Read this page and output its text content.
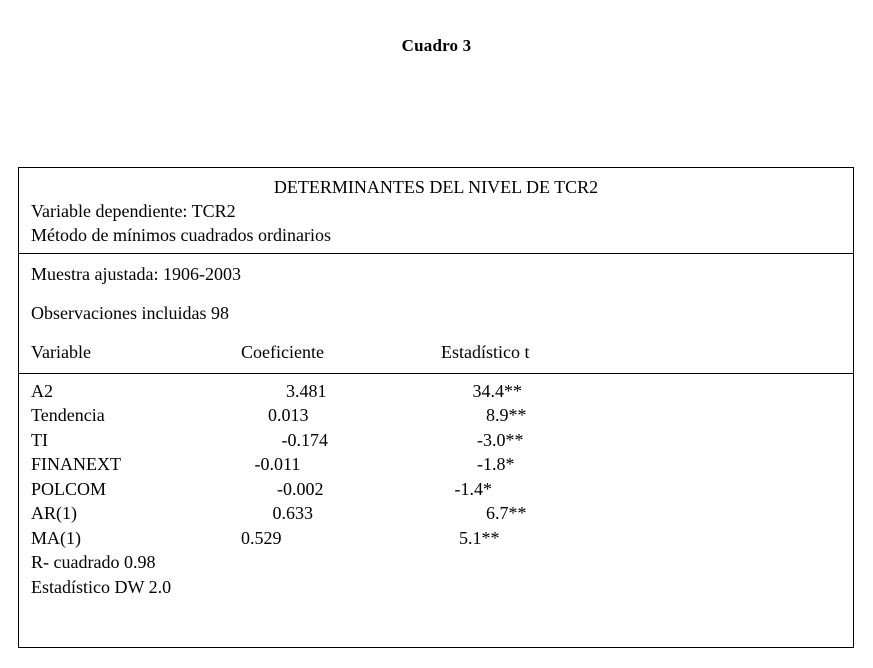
Cuadro 3
DETERMINANTES DEL NIVEL DE TCR2
Variable dependiente: TCR2
Método de mínimos cuadrados ordinarios
Muestra ajustada: 1906-2003
Observaciones incluidas 98
Variable	Coeficiente	Estadístico t
A2	3.481	34.4**
Tendencia	0.013	8.9**
TI	-0.174	-3.0**
FINANEXT	-0.011	-1.8*
POLCOM	-0.002	-1.4*
AR(1)	0.633	6.7**
MA(1)	0.529	5.1**
R- cuadrado 0.98
Estadístico DW 2.0
